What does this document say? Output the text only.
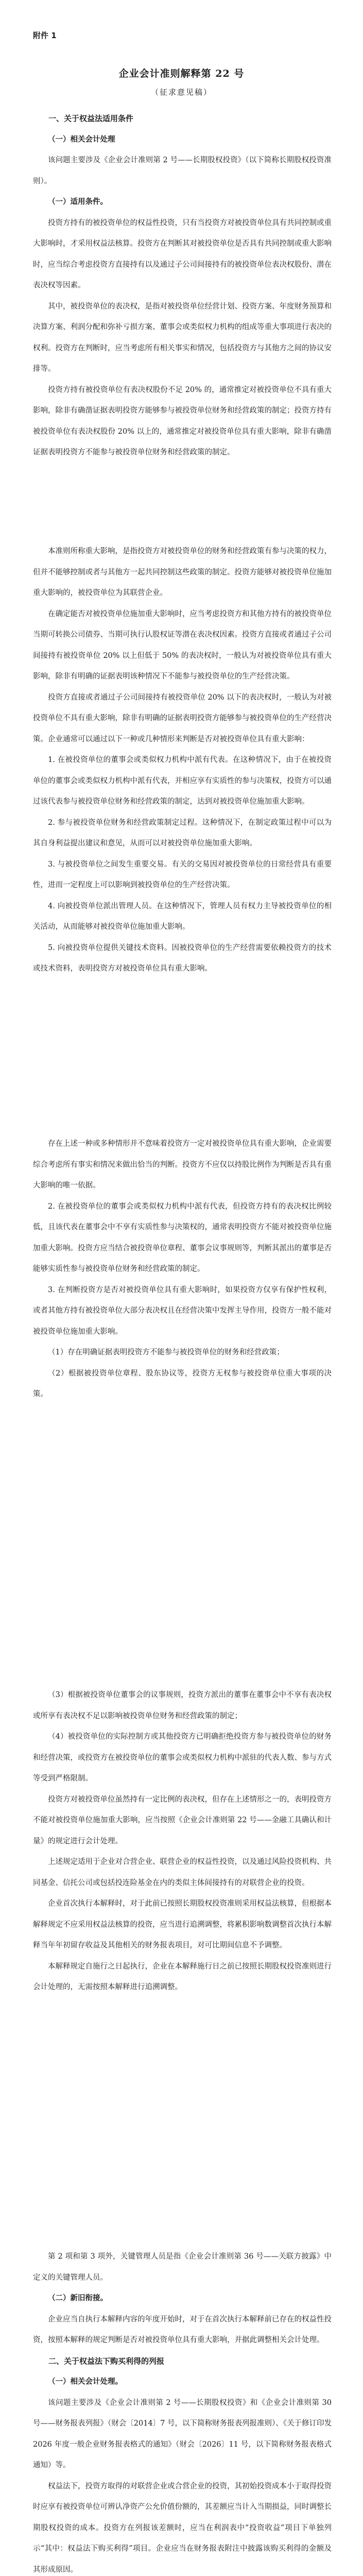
附件 1
企业会计准则解释第 22 号
（征求意见稿）
一、关于权益法适用条件
（一）相关会计处理

该问题主要涉及《企业会计准则第 2 号——长期股权投资》（以下简称长期股权投资准则）。

（一）适用条件。

投资方持有的被投资单位的权益性投资，只有当投资方对被投资单位具有共同控制或重大影响时，才采用权益法核算。投资方在判断其对被投资单位是否具有共同控制或重大影响时，应当综合考虑投资方直接持有以及通过子公司间接持有的被投资单位表决权股份、潜在表决权等因素。

其中，被投资单位的表决权，是指对被投资单位经营计划、投资方案、年度财务预算和决算方案、利润分配和弥补亏损方案、董事会或类似权力机构的组成等重大事项进行表决的权利。投资方在判断时，应当考虑所有相关事实和情况，包括投资方与其他方之间的协议安排等。

投资方持有被投资单位有表决权股份不足 20% 的，通常推定对被投资单位不具有重大影响，除非有确凿证据表明投资方能够参与被投资单位财务和经营政策的制定；投资方持有被投资单位有表决权股份 20% 以上的，通常推定对被投资单位具有重大影响，除非有确凿证据表明投资方不能参与被投资单位财务和经营政策的制定。

本准则所称重大影响，是指投资方对被投资单位的财务和经营政策有参与决策的权力，但并不能够控制或者与其他方一起共同控制这些政策的制定。投资方能够对被投资单位施加重大影响的，被投资单位为其联营企业。

在确定能否对被投资单位施加重大影响时，应当考虑投资方和其他方持有的被投资单位当期可转换公司债券、当期可执行认股权证等潜在表决权因素。投资方直接或者通过子公司间接持有被投资单位 20% 以上但低于 50% 的表决权时，一般认为对被投资单位具有重大影响，除非有明确的证据表明该种情况下不能参与被投资单位的生产经营决策。

投资方直接或者通过子公司间接持有被投资单位 20% 以下的表决权时，一般认为对被投资单位不具有重大影响，除非有明确的证据表明投资方能够参与被投资单位的生产经营决策。企业通常可以通过以下一种或几种情形来判断是否对被投资单位具有重大影响：

1. 在被投资单位的董事会或类似权力机构中派有代表。在这种情况下，由于在被投资单位的董事会或类似权力机构中派有代表，并相应享有实质性的参与决策权，投资方可以通过该代表参与被投资单位财务和经营政策的制定，达到对被投资单位施加重大影响。

2. 参与被投资单位财务和经营政策制定过程。这种情况下，在制定政策过程中可以为其自身利益提出建议和意见，从而可以对被投资单位施加重大影响。

3. 与被投资单位之间发生重要交易。有关的交易因对被投资单位的日常经营具有重要性，进而一定程度上可以影响到被投资单位的生产经营决策。

4. 向被投资单位派出管理人员。在这种情况下，管理人员有权力主导被投资单位的相关活动，从而能够对被投资单位施加重大影响。

5. 向被投资单位提供关键技术资料。因被投资单位的生产经营需要依赖投资方的技术或技术资料，表明投资方对被投资单位具有重大影响。

存在上述一种或多种情形并不意味着投资方一定对被投资单位具有重大影响，企业需要综合考虑所有事实和情况来做出恰当的判断。投资方不应仅以持股比例作为判断是否具有重大影响的唯一依据。

2. 在被投资单位的董事会或类似权力机构中派有代表，但投资方持有的表决权比例较低，且该代表在董事会中不享有实质性参与决策权的，通常表明投资方不能对被投资单位施加重大影响。投资方应当结合被投资单位章程、董事会议事规则等，判断其派出的董事是否能够实质性参与被投资单位财务和经营政策的制定。

3. 在判断投资方是否对被投资单位具有重大影响时，如果投资方仅享有保护性权利，或者其他方持有被投资单位大部分表决权且在经营决策中发挥主导作用，投资方一般不能对被投资单位施加重大影响。

（1）存在明确证据表明投资方不能参与被投资单位的财务和经营政策；

（2）根据被投资单位章程、股东协议等，投资方无权参与被投资单位重大事项的决策。

（3）根据被投资单位董事会的议事规则，投资方派出的董事在董事会中不享有表决权或所享有表决权不足以影响被投资单位财务和经营政策的制定；

（4）被投资单位的实际控制方或其他投资方已明确拒绝投资方参与被投资单位的财务和经营决策，或投资方在被投资单位的董事会或类似权力机构中派驻的代表人数、参与方式等受到严格限制。

投资方对被投资单位虽然持有一定比例的表决权，但存在上述情形之一的，表明投资方不能对被投资单位施加重大影响，应当按照《企业会计准则第 22 号——金融工具确认和计量》的规定进行会计处理。

上述规定适用于企业对合营企业、联营企业的权益性投资，以及通过风险投资机构、共同基金、信托公司或包括投连险基金在内的类似主体间接持有的对联营企业的投资。

企业首次执行本解释时，对于此前已按照长期股权投资准则采用权益法核算，但根据本解释规定不应采用权益法核算的投资，应当进行追溯调整，将累积影响数调整首次执行本解释当年年初留存收益及其他相关的财务报表项目，对可比期间信息不予调整。

本解释规定自施行之日起执行，企业在本解释施行日之前已按照长期股权投资准则进行会计处理的，无需按照本解释进行追溯调整。

第 2 项和第 3 项外，关键管理人员是指《企业会计准则第 36 号——关联方披露》中定义的关键管理人员。

（二）新旧衔接。

企业应当自执行本解释内容的年度开始时，对于在首次执行本解释前已存在的权益性投资，按照本解释的规定判断是否对被投资单位具有重大影响，并据此调整相关会计处理。

二、关于权益法下购买利得的列报
（一）相关会计处理。

该问题主要涉及《企业会计准则第 2 号——长期股权投资》和《企业会计准则第 30 号——财务报表列报》（财会〔2014〕7 号，以下简称财务报表列报准则）、《关于修订印发 2026 年度一般企业财务报表格式的通知》（财会〔2026〕11 号，以下简称财务报表格式通知）等。

权益法下，投资方取得的对联营企业或合营企业的投资，其初始投资成本小于取得投资时应享有被投资单位可辨认净资产公允价值份额的，其差额应当计入当期损益，同时调整长期股权投资的成本。投资方在列报该差额时，应当在利润表中“投资收益”项目下单独列示“其中：权益法下购买利得”项目。企业应当在财务报表附注中披露该购买利得的金额及其形成原因。
